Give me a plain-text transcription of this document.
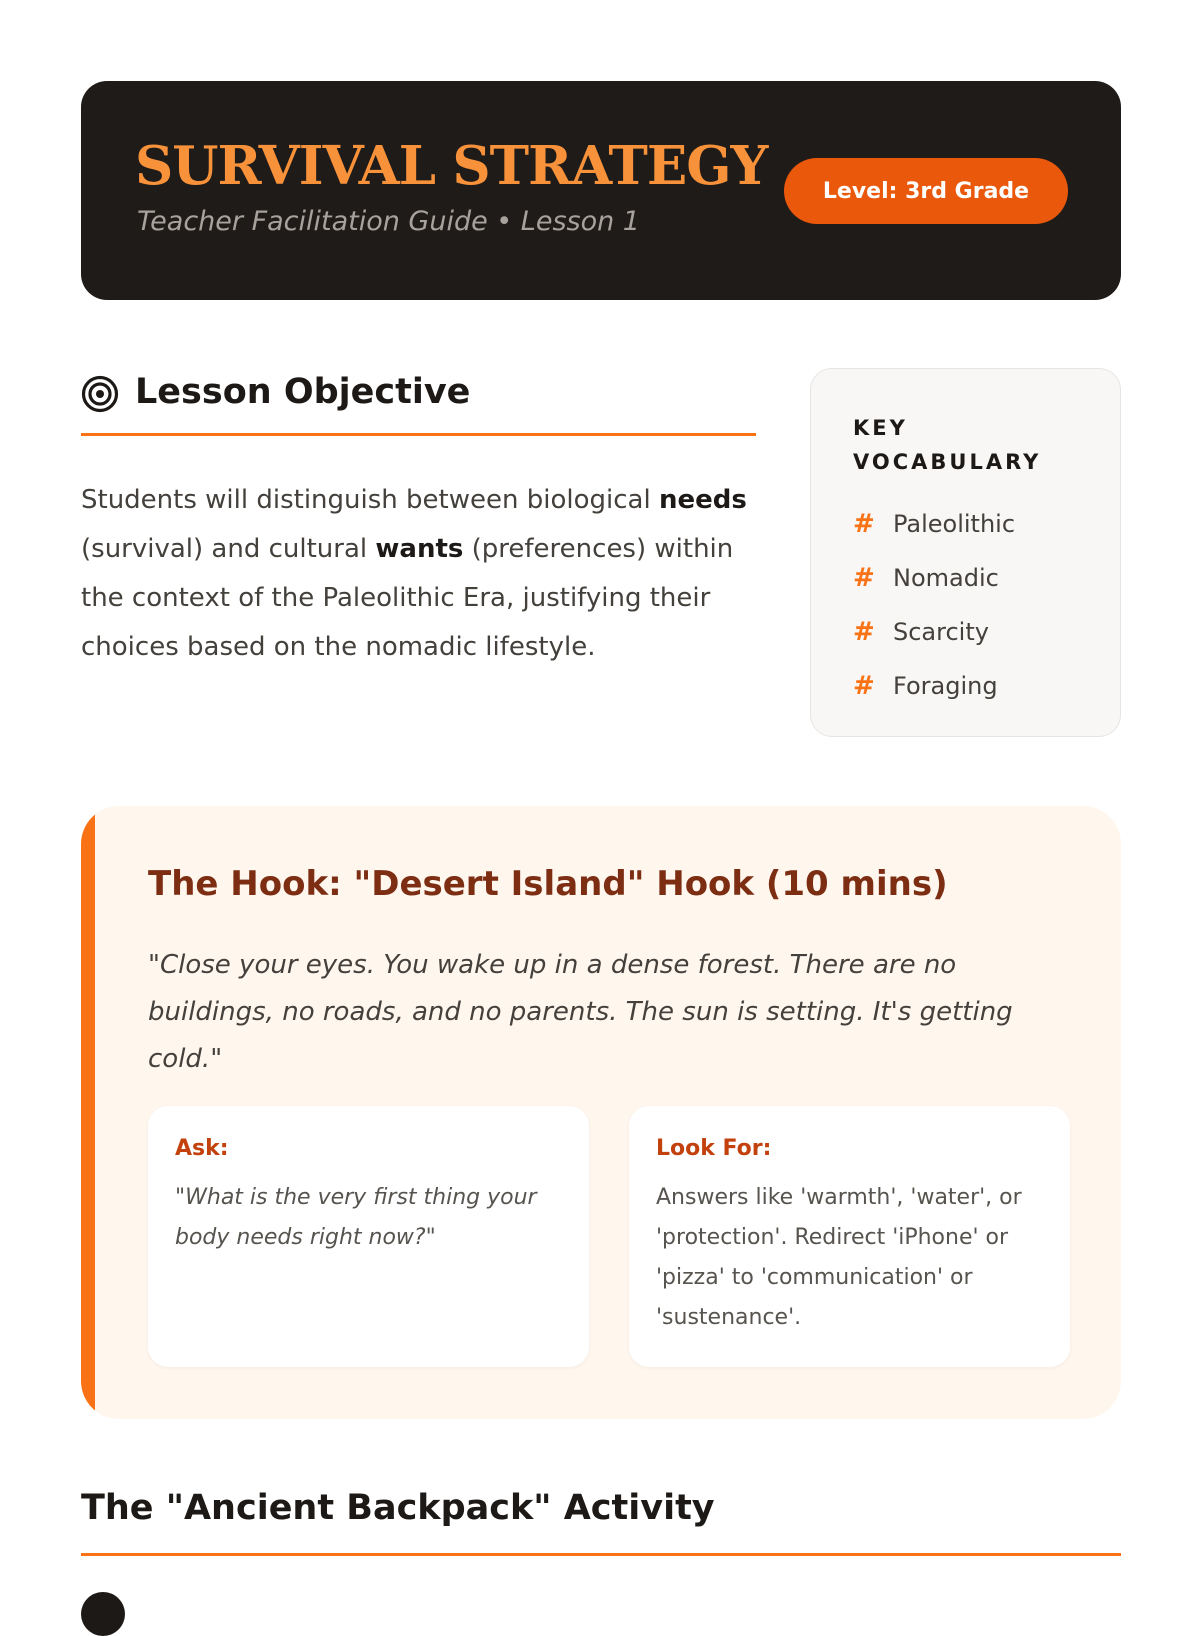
SURVIVAL STRATEGY
Teacher Facilitation Guide • Lesson 1
Level: 3rd Grade
Lesson Objective

Students will distinguish between biological needs (survival) and cultural wants (preferences) within the context of the Paleolithic Era, justifying their choices based on the nomadic lifestyle.

KEY VOCABULARY
# Paleolithic
# Nomadic
# Scarcity
# Foraging
The Hook: "Desert Island" Hook (10 mins)

"Close your eyes. You wake up in a dense forest. There are no buildings, no roads, and no parents. The sun is setting. It's getting cold."

Ask:

"What is the very first thing your body needs right now?"

Look For:

Answers like 'warmth', 'water', or 'protection'. Redirect 'iPhone' or 'pizza' to 'communication' or 'sustenance'.

The "Ancient Backpack" Activity
